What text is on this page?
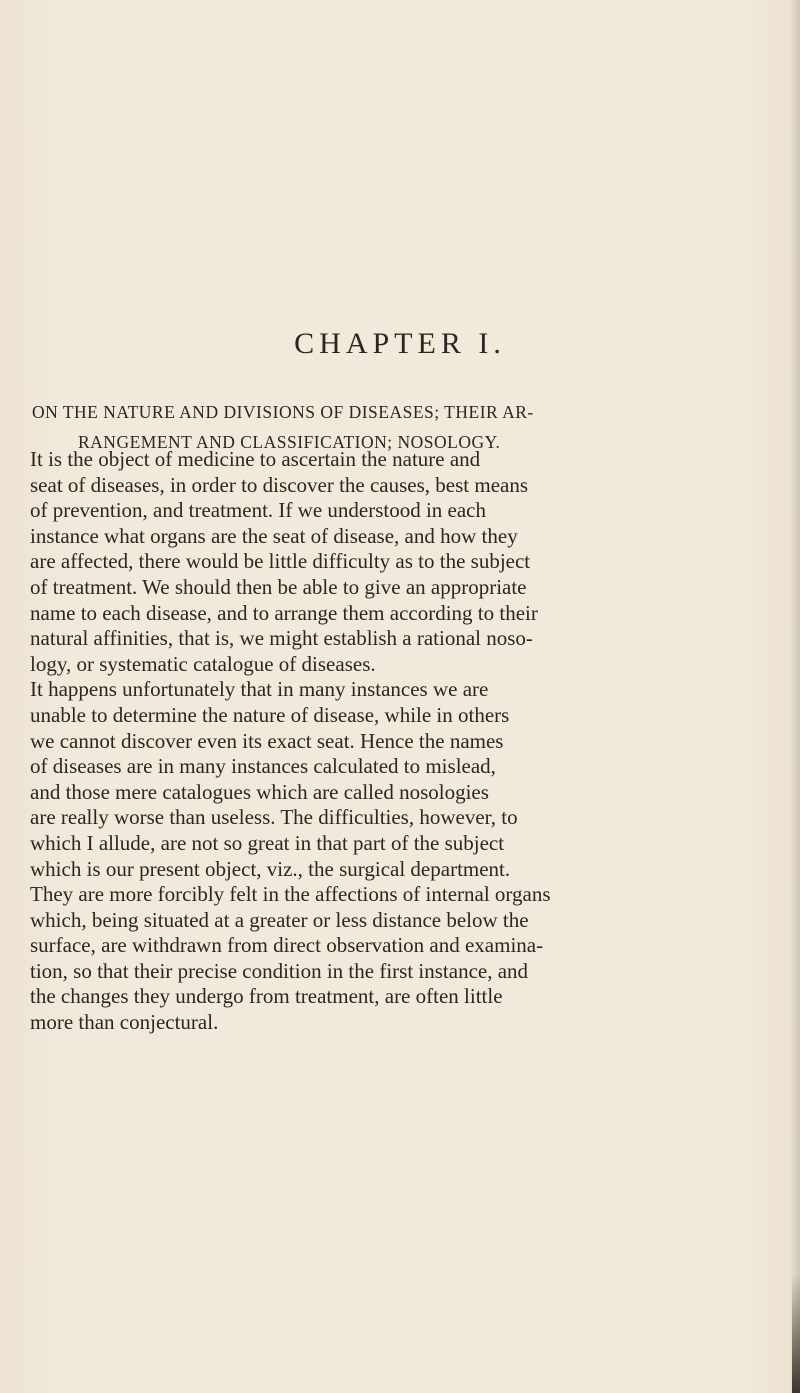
CHAPTER I.
ON THE NATURE AND DIVISIONS OF DISEASES; THEIR AR-
RANGEMENT AND CLASSIFICATION; NOSOLOGY.
It is the object of medicine to ascertain the nature and
seat of diseases, in order to discover the causes, best means
of prevention, and treatment. If we understood in each
instance what organs are the seat of disease, and how they
are affected, there would be little difficulty as to the subject
of treatment. We should then be able to give an appropriate
name to each disease, and to arrange them according to their
natural affinities, that is, we might establish a rational noso-
logy, or systematic catalogue of diseases.
It happens unfortunately that in many instances we are
unable to determine the nature of disease, while in others
we cannot discover even its exact seat. Hence the names
of diseases are in many instances calculated to mislead,
and those mere catalogues which are called nosologies
are really worse than useless. The difficulties, however, to
which I allude, are not so great in that part of the subject
which is our present object, viz., the surgical department.
They are more forcibly felt in the affections of internal organs
which, being situated at a greater or less distance below the
surface, are withdrawn from direct observation and examina-
tion, so that their precise condition in the first instance, and
the changes they undergo from treatment, are often little
more than conjectural.
